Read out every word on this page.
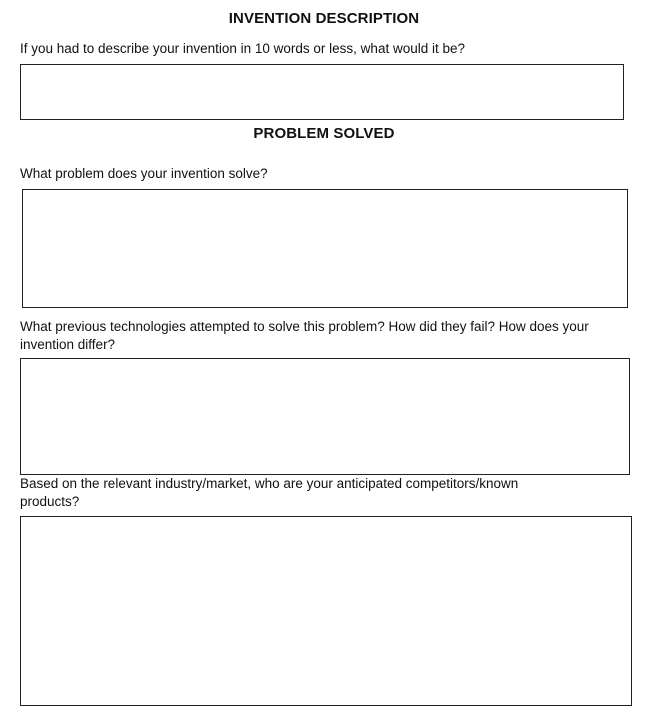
INVENTION DESCRIPTION
If you had to describe your invention in 10 words or less, what would it be?
PROBLEM SOLVED
What problem does your invention solve?
What previous technologies attempted to solve this problem? How did they fail? How does your invention differ?
Based on the relevant industry/market, who are your anticipated competitors/known products?
